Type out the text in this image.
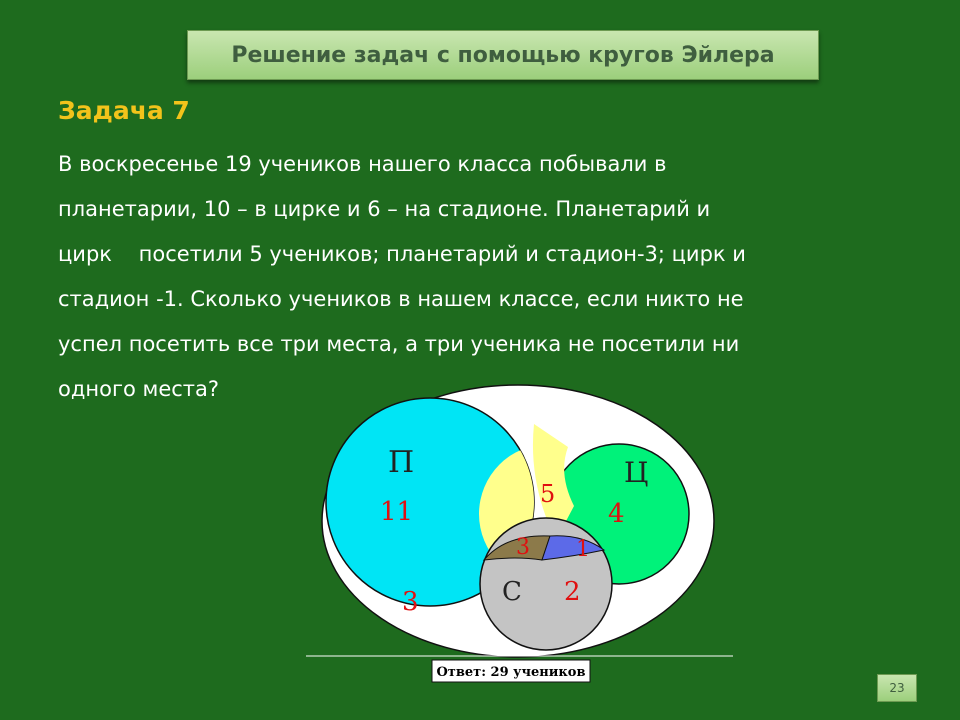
Решение задач с помощью кругов Эйлера
Задача 7
В воскресенье 19 учеников нашего класса побывали в
планетарии, 10 – в цирке и 6 – на стадионе. Планетарий и
цирк    посетили 5 учеников; планетарий и стадион-3; цирк и
стадион -1. Сколько учеников в нашем классе, если никто не
успел посетить все три места, а три ученика не посетили ни
одного места?
П	Ц
С
11
5
4
3 1
2
3
Ответ: 29 учеников
23
